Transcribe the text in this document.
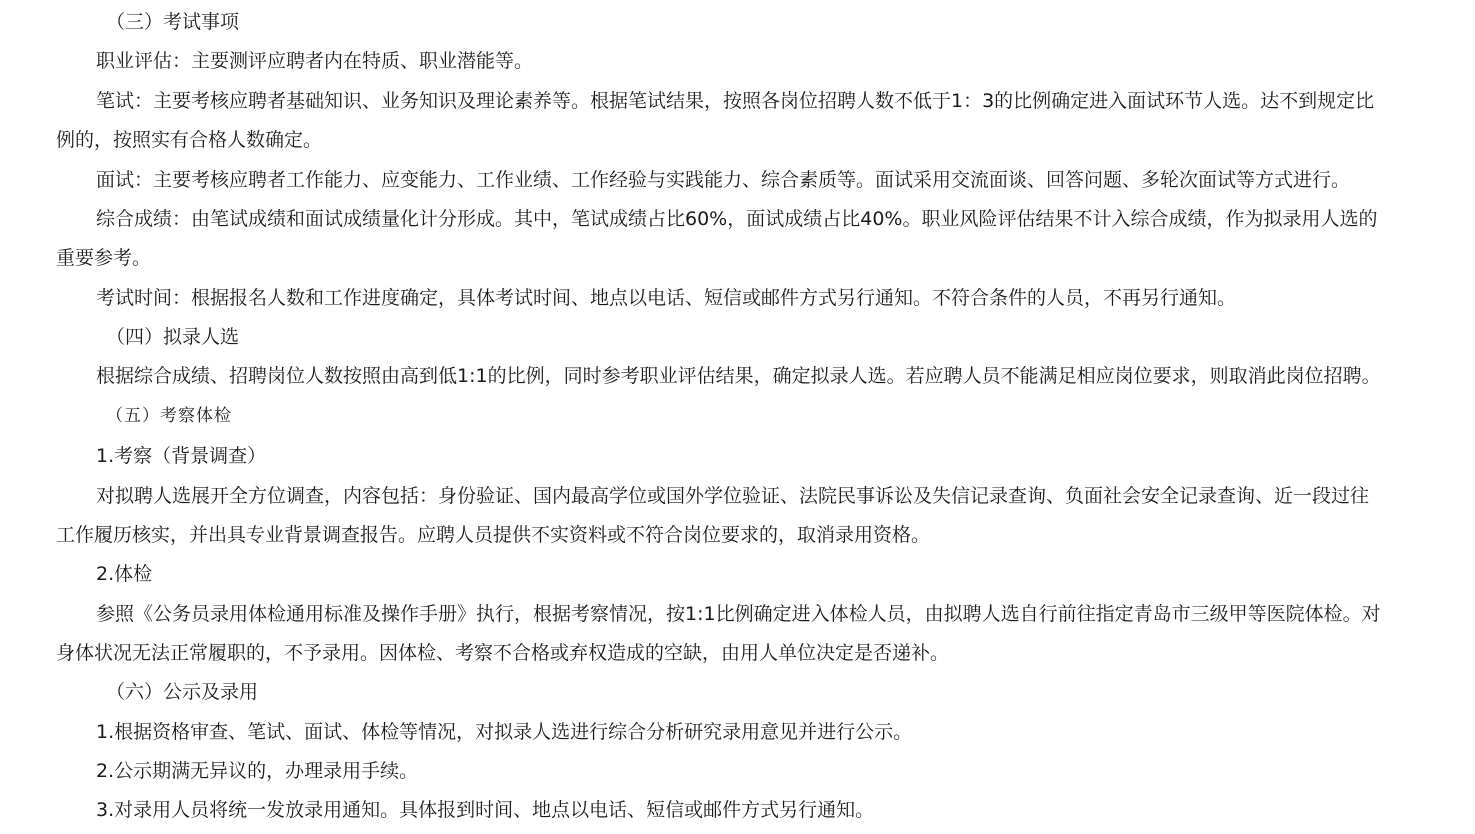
（三）考试事项
职业评估：主要测评应聘者内在特质、职业潜能等。
笔试：主要考核应聘者基础知识、业务知识及理论素养等。根据笔试结果，按照各岗位招聘人数不低于1：3的比例确定进入面试环节人选。达不到规定比
例的，按照实有合格人数确定。
面试：主要考核应聘者工作能力、应变能力、工作业绩、工作经验与实践能力、综合素质等。面试采用交流面谈、回答问题、多轮次面试等方式进行。
综合成绩：由笔试成绩和面试成绩量化计分形成。其中，笔试成绩占比60%，面试成绩占比40%。职业风险评估结果不计入综合成绩，作为拟录用人选的
重要参考。
考试时间：根据报名人数和工作进度确定，具体考试时间、地点以电话、短信或邮件方式另行通知。不符合条件的人员，不再另行通知。
（四）拟录人选
根据综合成绩、招聘岗位人数按照由高到低1:1的比例，同时参考职业评估结果，确定拟录人选。若应聘人员不能满足相应岗位要求，则取消此岗位招聘。
（五）考察体检
1.考察（背景调查）
对拟聘人选展开全方位调查，内容包括：身份验证、国内最高学位或国外学位验证、法院民事诉讼及失信记录查询、负面社会安全记录查询、近一段过往
工作履历核实，并出具专业背景调查报告。应聘人员提供不实资料或不符合岗位要求的，取消录用资格。
2.体检
参照《公务员录用体检通用标准及操作手册》执行，根据考察情况，按1:1比例确定进入体检人员，由拟聘人选自行前往指定青岛市三级甲等医院体检。对
身体状况无法正常履职的，不予录用。因体检、考察不合格或弃权造成的空缺，由用人单位决定是否递补。
（六）公示及录用
1.根据资格审查、笔试、面试、体检等情况，对拟录人选进行综合分析研究录用意见并进行公示。
2.公示期满无异议的，办理录用手续。
3.对录用人员将统一发放录用通知。具体报到时间、地点以电话、短信或邮件方式另行通知。
